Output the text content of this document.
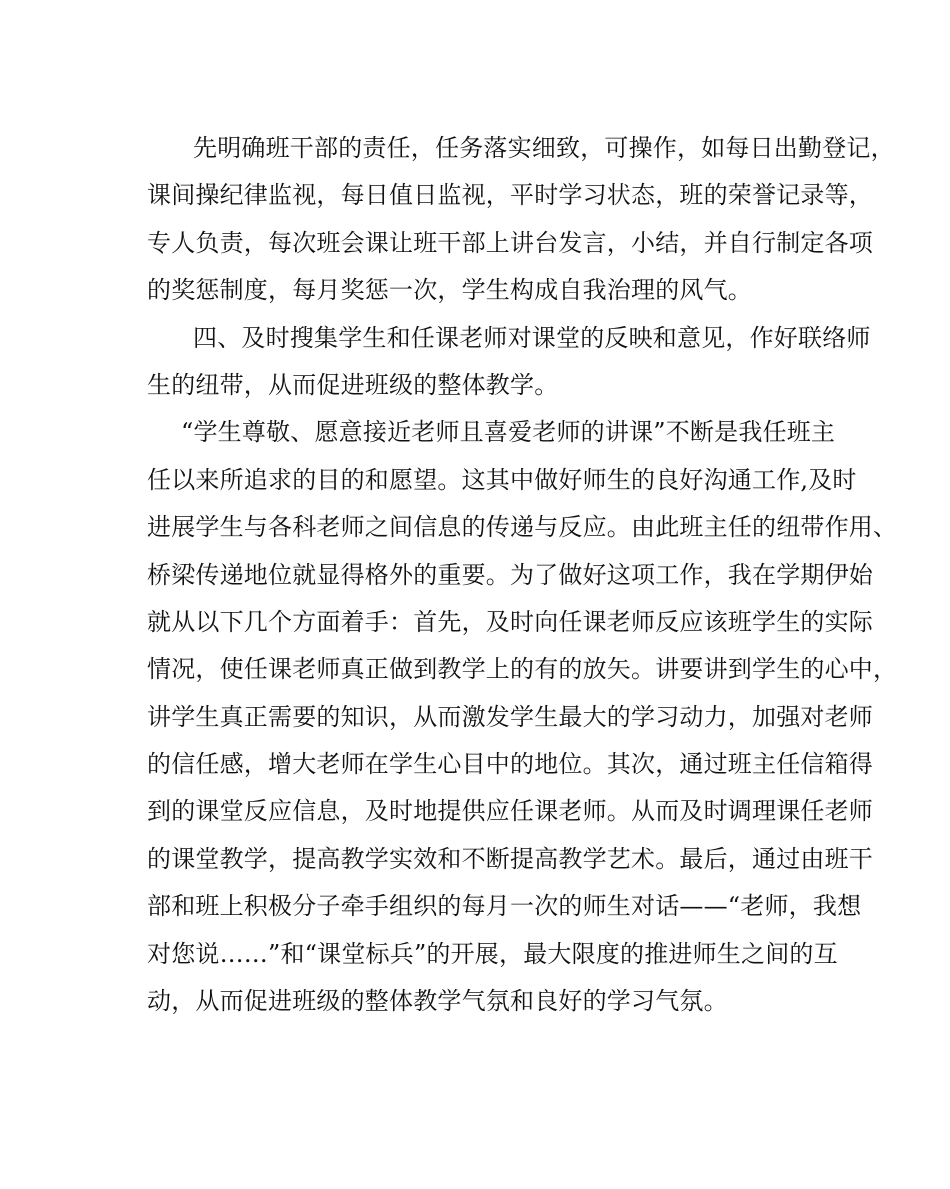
先明确班干部的责任，任务落实细致，可操作，如每日出勤登记，
课间操纪律监视，每日值日监视，平时学习状态，班的荣誉记录等，
专人负责，每次班会课让班干部上讲台发言，小结，并自行制定各项
的奖惩制度，每月奖惩一次，学生构成自我治理的风气。
四、及时搜集学生和任课老师对课堂的反映和意见，作好联络师
生的纽带，从而促进班级的整体教学。
“学生尊敬、愿意接近老师且喜爱老师的讲课”不断是我任班主
任以来所追求的目的和愿望。这其中做好师生的良好沟通工作,及时
进展学生与各科老师之间信息的传递与反应。由此班主任的纽带作用、
桥梁传递地位就显得格外的重要。为了做好这项工作，我在学期伊始
就从以下几个方面着手：首先，及时向任课老师反应该班学生的实际
情况，使任课老师真正做到教学上的有的放矢。讲要讲到学生的心中，
讲学生真正需要的知识，从而激发学生最大的学习动力，加强对老师
的信任感，增大老师在学生心目中的地位。其次，通过班主任信箱得
到的课堂反应信息，及时地提供应任课老师。从而及时调理课任老师
的课堂教学，提高教学实效和不断提高教学艺术。最后，通过由班干
部和班上积极分子牵手组织的每月一次的师生对话——“老师，我想
对您说……”和“课堂标兵”的开展，最大限度的推进师生之间的互
动，从而促进班级的整体教学气氛和良好的学习气氛。
